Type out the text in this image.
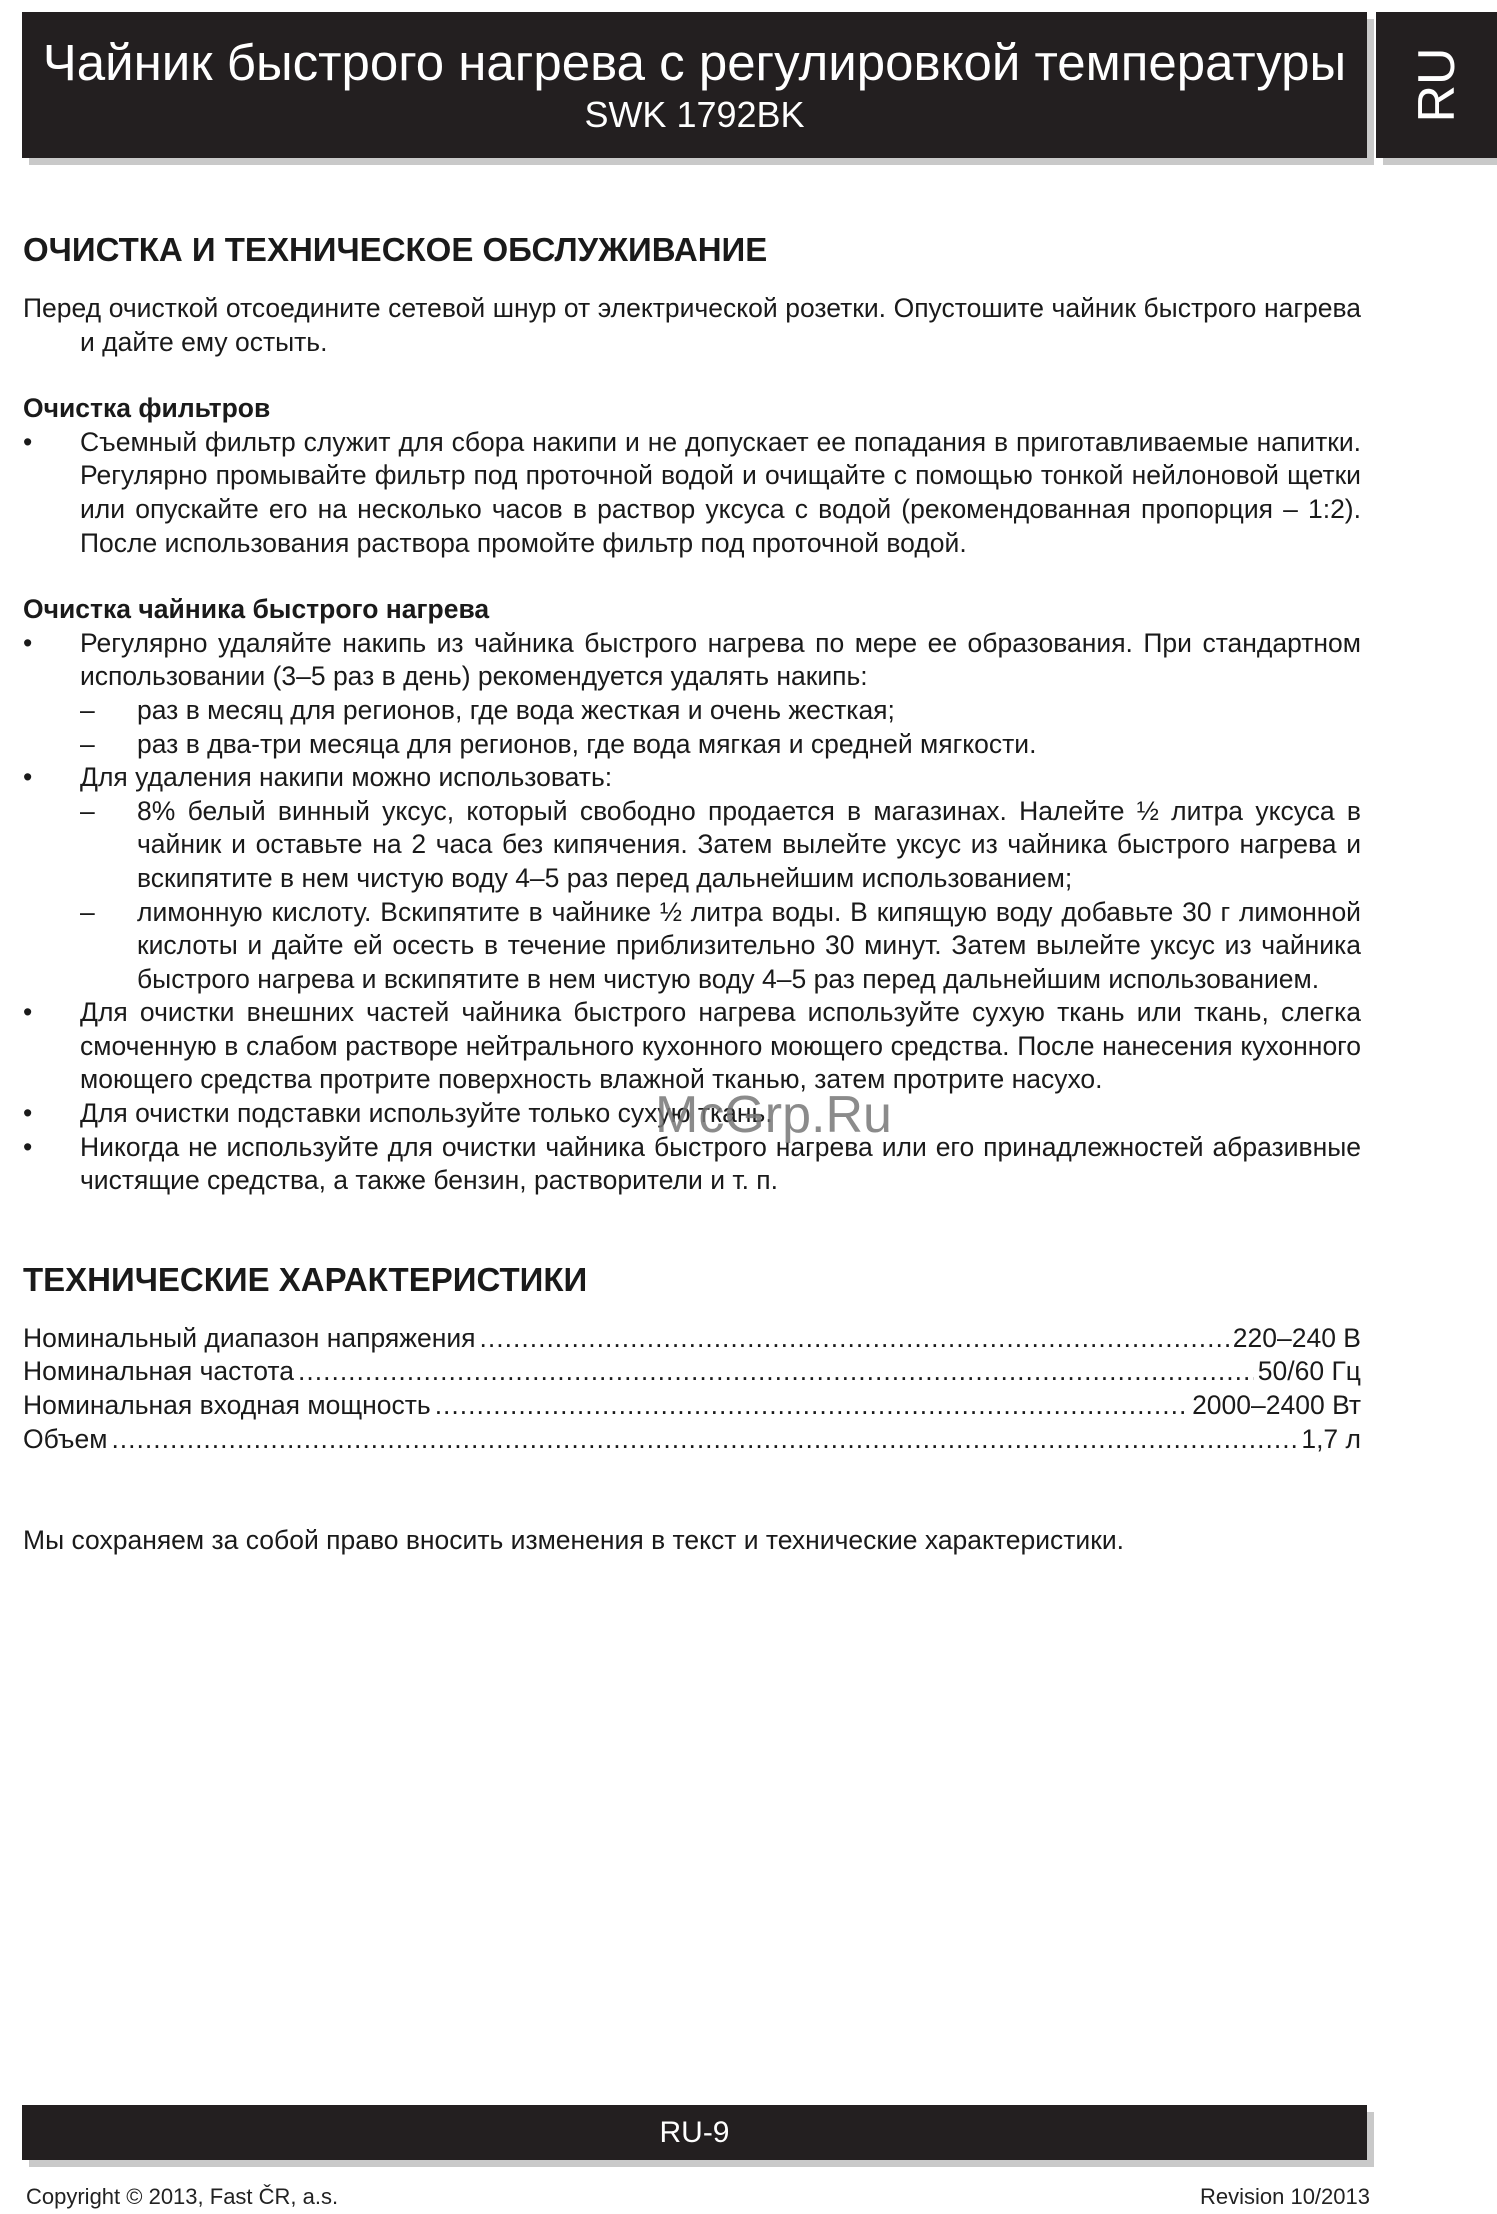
Чайник быстрого нагрева с регулировкой температуры
SWK 1792BK	RU
ОЧИСТКА И ТЕХНИЧЕСКОЕ ОБСЛУЖИВАНИЕ

Перед очисткой отсоедините сетевой шнур от электрической розетки. Опустошите чайник быстрого нагрева и дайте ему остыть.

Очистка фильтров
• Съемный фильтр служит для сбора накипи и не допускает ее попадания в приготавливаемые напитки. Регулярно промывайте фильтр под проточной водой и очищайте с помощью тонкой нейлоновой щетки или опускайте его на несколько часов в раствор уксуса с водой (рекомендованная пропорция – 1:2). После использования раствора промойте фильтр под проточной водой.
Очистка чайника быстрого нагрева
• Регулярно удаляйте накипь из чайника быстрого нагрева по мере ее образования. При стандартном использовании (3–5 раз в день) рекомендуется удалять накипь:
– раз в месяц для регионов, где вода жесткая и очень жесткая;
– раз в два-три месяца для регионов, где вода мягкая и средней мягкости.
• Для удаления накипи можно использовать:
– 8% белый винный уксус, который свободно продается в магазинах. Налейте ½ литра уксуса в чайник и оставьте на 2 часа без кипячения. Затем вылейте уксус из чайника быстрого нагрева и вскипятите в нем чистую воду 4–5 раз перед дальнейшим использованием;
– лимонную кислоту. Вскипятите в чайнике ½ литра воды. В кипящую воду добавьте 30 г лимонной кислоты и дайте ей осесть в течение приблизительно 30 минут. Затем вылейте уксус из чайника быстрого нагрева и вскипятите в нем чистую воду 4–5 раз перед дальнейшим использованием.
• Для очистки внешних частей чайника быстрого нагрева используйте сухую ткань или ткань, слегка смоченную в слабом растворе нейтрального кухонного моющего средства. После нанесения кухонного моющего средства протрите поверхность влажной тканью, затем протрите насухо.
• Для очистки подставки используйте только сухую ткань.
• Никогда не используйте для очистки чайника быстрого нагрева или его принадлежностей абразивные чистящие средства, а также бензин, растворители и т. п.
ТЕХНИЧЕСКИЕ ХАРАКТЕРИСТИКИ
Номинальный диапазон напряжения .....	220–240 В
Номинальная частота .....	50/60 Гц
Номинальная входная мощность .....	2000–2400 Вт
Объем .....	1,7 л

Мы сохраняем за собой право вносить изменения в текст и технические характеристики.

McGrp.Ru
RU-9
Copyright © 2013, Fast ČR, a.s.	Revision 10/2013
